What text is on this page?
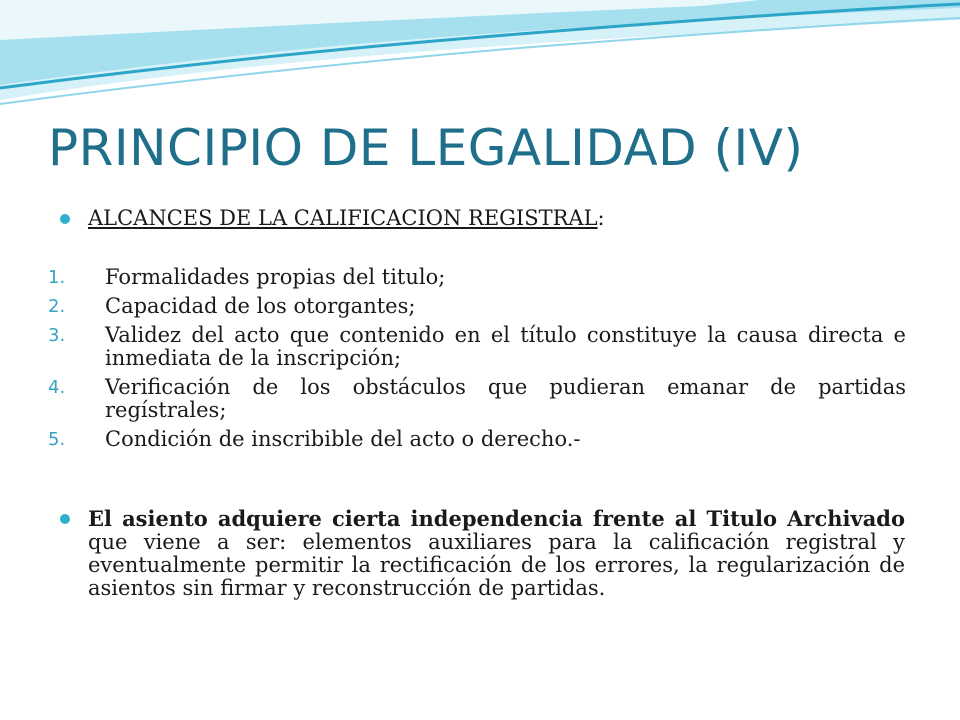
PRINCIPIO DE LEGALIDAD (IV)
ALCANCES DE LA CALIFICACION REGISTRAL:
1. Formalidades propias del titulo;
2. Capacidad de los otorgantes;
3. Validez del acto que contenido en el título constituye la causa directa e inmediata de la inscripción;
4. Verificación de los obstáculos que pudieran emanar de partidas regístrales;
5. Condición de inscribible del acto o derecho.-
El asiento adquiere cierta independencia frente al Titulo Archivado que viene a ser: elementos auxiliares para la calificación registral y eventualmente permitir la rectificación de los errores, la regularización de asientos sin firmar y reconstrucción de partidas.
